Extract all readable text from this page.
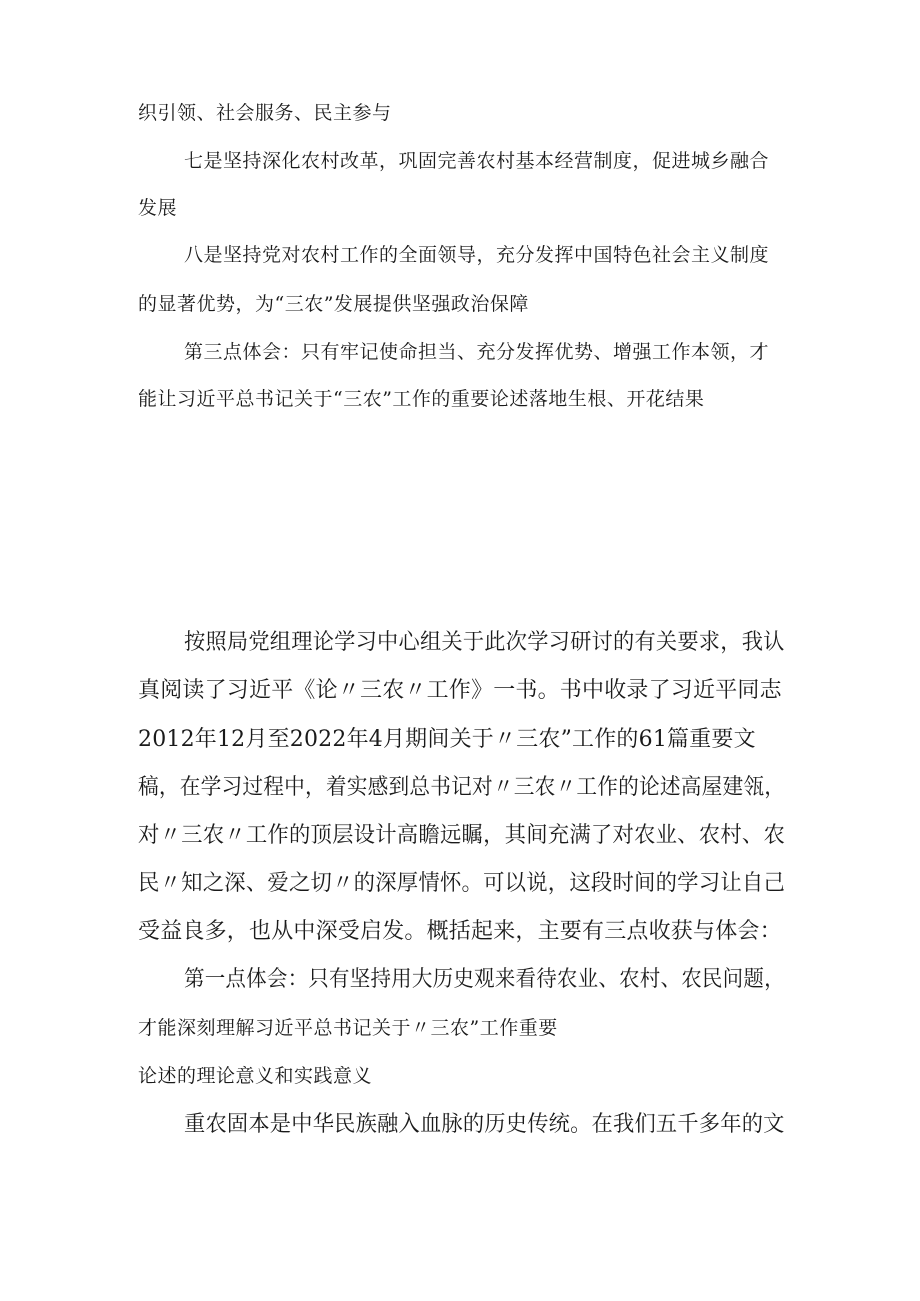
织引领、社会服务、民主参与
七是坚持深化农村改革，巩固完善农村基本经营制度，促进城乡融合
发展
八是坚持党对农村工作的全面领导，充分发挥中国特色社会主义制度
的显著优势，为“三农”发展提供坚强政治保障
第三点体会：只有牢记使命担当、充分发挥优势、增强工作本领，才
能让习近平总书记关于“三农”工作的重要论述落地生根、开花结果
按照局党组理论学习中心组关于此次学习研讨的有关要求，我认
真阅读了习近平《论〃三农〃工作》一书。书中收录了习近平同志
2012年12月至2022年4月期间关于〃三农”工作的61篇重要文
稿，在学习过程中，着实感到总书记对〃三农〃工作的论述高屋建瓴，
对〃三农〃工作的顶层设计高瞻远瞩，其间充满了对农业、农村、农
民〃知之深、爱之切〃的深厚情怀。可以说，这段时间的学习让自己
受益良多，也从中深受启发。概括起来，主要有三点收获与体会：
第一点体会：只有坚持用大历史观来看待农业、农村、农民问题，
才能深刻理解习近平总书记关于〃三农”工作重要
论述的理论意义和实践意义
重农固本是中华民族融入血脉的历史传统。在我们五千多年的文
